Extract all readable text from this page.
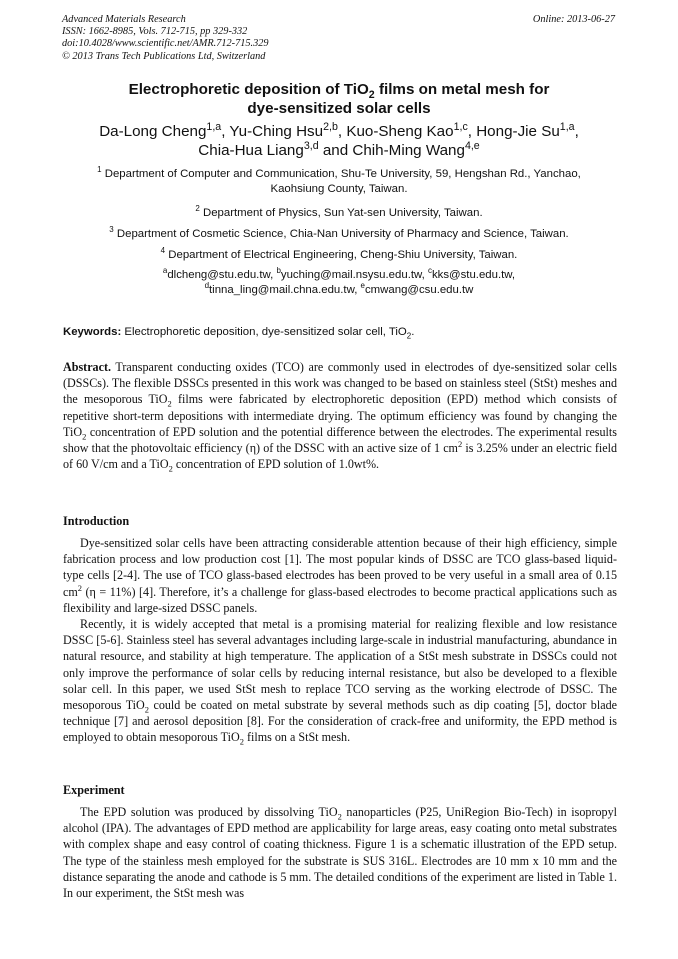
Advanced Materials Research
ISSN: 1662-8985, Vols. 712-715, pp 329-332
doi:10.4028/www.scientific.net/AMR.712-715.329
© 2013 Trans Tech Publications Ltd, Switzerland
Online: 2013-06-27
Electrophoretic deposition of TiO$_2$ films on metal mesh for
dye-sensitized solar cells
Da-Long Cheng$^{1,a}$, Yu-Ching Hsu$^{2,b}$, Kuo-Sheng Kao$^{1,c}$, Hong-Jie Su$^{1,a}$,
Chia-Hua Liang$^{3,d}$ and Chih-Ming Wang$^{4,e}$
$^1$ Department of Computer and Communication, Shu-Te University, 59, Hengshan Rd., Yanchao,
Kaohsiung County, Taiwan.
$^2$ Department of Physics, Sun Yat-sen University, Taiwan.
$^3$ Department of Cosmetic Science, Chia-Nan University of Pharmacy and Science, Taiwan.
$^4$ Department of Electrical Engineering, Cheng-Shiu University, Taiwan.
$^a$dlcheng@stu.edu.tw, $^b$yuching@mail.nsysu.edu.tw, $^c$kks@stu.edu.tw,
$^d$tinna_ling@mail.chna.edu.tw, $^e$cmwang@csu.edu.tw
Keywords: Electrophoretic deposition, dye-sensitized solar cell, TiO$_2$.
Abstract. Transparent conducting oxides (TCO) are commonly used in electrodes of dye-sensitized solar cells (DSSCs). The flexible DSSCs presented in this work was changed to be based on stainless steel (StSt) meshes and the mesoporous TiO$_2$ films were fabricated by electrophoretic deposition (EPD) method which consists of repetitive short-term depositions with intermediate drying. The optimum efficiency was found by changing the TiO$_2$ concentration of EPD solution and the potential difference between the electrodes. The experimental results show that the photovoltaic efficiency (η) of the DSSC with an active size of 1 $cm^2$ is 3.25% under an electric field of 60 V/cm and a TiO$_2$ concentration of EPD solution of 1.0wt%.
Introduction

Dye-sensitized solar cells have been attracting considerable attention because of their high efficiency, simple fabrication process and low production cost [1]. The most popular kinds of DSSC are TCO glass-based liquid-type cells [2-4]. The use of TCO glass-based electrodes has been proved to be very useful in a small area of 0.15 $cm^2$ (η = 11%) [4]. Therefore, it’s a challenge for glass-based electrodes to become practical applications such as flexibility and large-sized DSSC panels.

Recently, it is widely accepted that metal is a promising material for realizing flexible and low resistance DSSC [5-6]. Stainless steel has several advantages including large-scale in industrial manufacturing, abundance in natural resource, and stability at high temperature. The application of a StSt mesh substrate in DSSCs could not only improve the performance of solar cells by reducing internal resistance, but also be developed to a flexible solar cell. In this paper, we used StSt mesh to replace TCO serving as the working electrode of DSSC. The mesoporous TiO$_2$ could be coated on metal substrate by several methods such as dip coating [5], doctor blade technique [7] and aerosol deposition [8]. For the consideration of crack-free and uniformity, the EPD method is employed to obtain mesoporous TiO$_2$ films on a StSt mesh.

Experiment

The EPD solution was produced by dissolving TiO$_2$ nanoparticles (P25, UniRegion Bio-Tech) in isopropyl alcohol (IPA). The advantages of EPD method are applicability for large areas, easy coating onto metal substrates with complex shape and easy control of coating thickness. Figure 1 is a schematic illustration of the EPD setup. The type of the stainless mesh employed for the substrate is SUS 316L. Electrodes are 10 mm x 10 mm and the distance separating the anode and cathode is 5 mm. The detailed conditions of the experiment are listed in Table 1. In our experiment, the StSt mesh was
